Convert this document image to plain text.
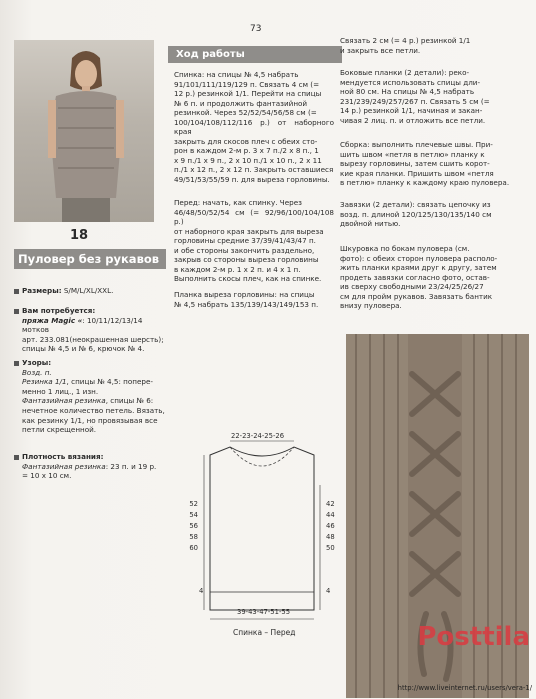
73
18
Пуловер без рукавов
Размеры: S/M/L/XL/XXL.
Вам потребуется:
пряжа Magic «: 10/11/12/13/14 мотков
арт. 233.081(неокрашенная шерсть);
спицы № 4,5 и № 6, крючок № 4.
Узоры:
Возд. п.
Резинка 1/1, спицы № 4,5: попере-
менно 1 лиц., 1 изн.
Фантазийная резинка, спицы № 6:
нечетное количество петель. Вязать,
как резинку 1/1, но провязывая все
петли скрещенной.
Плотность вязания:
Фантазийная резинка: 23 п. и 19 р.
= 10 х 10 см.
Ход работы
Спинка: на спицы № 4,5 набрать
91/101/111/119/129 п. Связать 4 см (=
12 р.) резинкой 1/1. Перейти на спицы
№ 6 п. и продолжить фантазийной
резинкой. Через 52/52/54/56/58 см (=
100/104/108/112/116 р.) от наборного края
закрыть для скосов плеч с обеих сто-
рон в каждом 2-м р. 3 х 7 п./2 х 8 п., 1
х 9 п./1 х 9 п., 2 х 10 п./1 х 10 п., 2 х 11
п./1 х 12 п., 2 х 12 п. Закрыть оставшиеся
49/51/53/55/59 п. для выреза горловины.
Перед: начать, как спинку. Через
46/48/50/52/54 см (= 92/96/100/104/108 р.)
от наборного края закрыть для выреза
горловины средние 37/39/41/43/47 п.
и обе стороны закончить раздельно,
закрыв со стороны выреза горловины
в каждом 2-м р. 1 х 2 п. и 4 х 1 п.
Выполнить скосы плеч, как на спинке.
Планка выреза горловины: на спицы
№ 4,5 набрать 135/139/143/149/153 п.
Связать 2 см (= 4 р.) резинкой 1/1
и закрыть все петли.
Боковые планки (2 детали): реко-
мендуется использовать спицы дли-
ной 80 см. На спицы № 4,5 набрать
231/239/249/257/267 п. Связать 5 см (=
14 р.) резинкой 1/1, начиная и закан-
чивая 2 лиц. п. и отложить все петли.
Сборка: выполнить плечевые швы. При-
шить швом «петля в петлю» планку к
вырезу горловины, затем сшить корот-
кие края планки. Пришить швом «петля
в петлю» планку к каждому краю пуловера.
Завязки (2 детали): связать цепочку из
возд. п. длиной 120/125/130/135/140 см
двойной нитью.
Шкуровка по бокам пуловера (см.
фото): с обеих сторон пуловера располо-
жить планки краями друг к другу, затем
продеть завязки согласно фото, остав-
ив сверху свободными 23/24/25/26/27
см для пройм рукавов. Завязать бантик
внизу пуловера.
22-23-24-25-26
52
54
56
58
60
42
44
46
48
50
4	4
39-43-47-51-55
Спинка – Перед	Posttila
http://www.liveinternet.ru/users/vera-1/
